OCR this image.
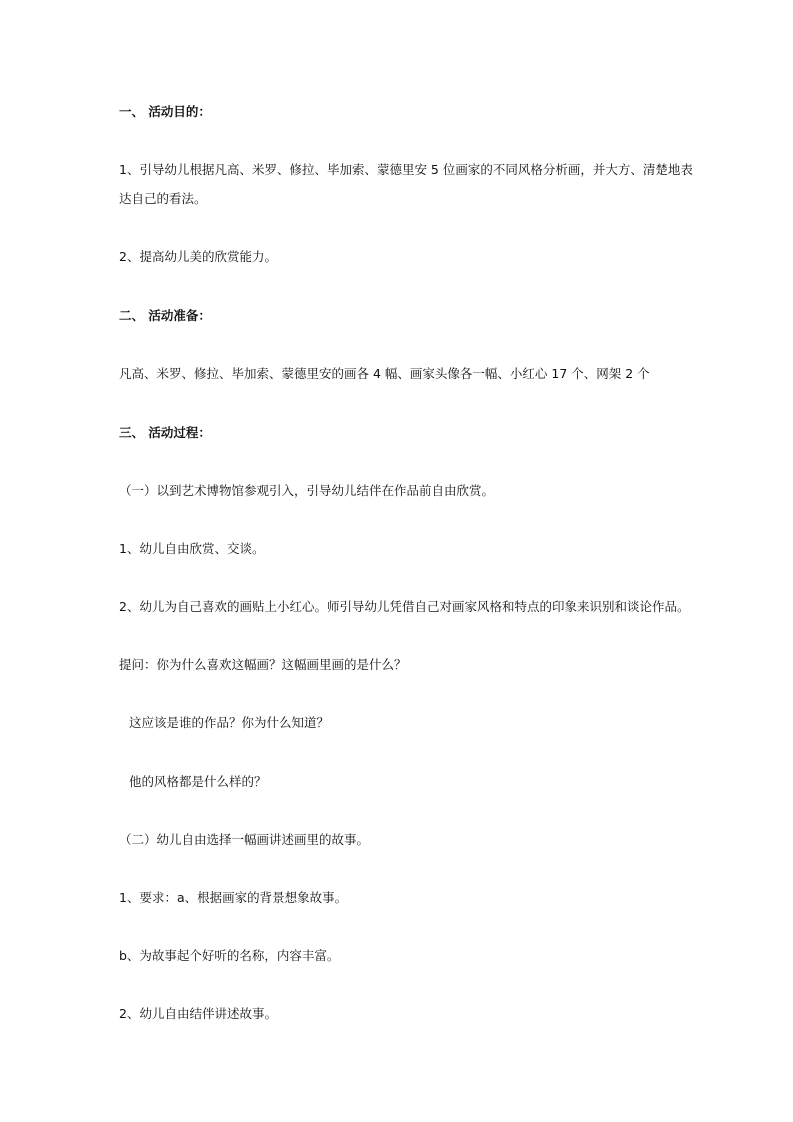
一、 活动目的：
1、引导幼儿根据凡高、米罗、修拉、毕加索、蒙德里安 5 位画家的不同风格分析画，并大方、清楚地表
达自己的看法。
2、提高幼儿美的欣赏能力。
二、 活动准备：
凡高、米罗、修拉、毕加索、蒙德里安的画各 4 幅、画家头像各一幅、小红心 17 个、网架 2 个
三、 活动过程：
（一）以到艺术博物馆参观引入，引导幼儿结伴在作品前自由欣赏。
1、幼儿自由欣赏、交谈。
2、幼儿为自己喜欢的画贴上小红心。师引导幼儿凭借自己对画家风格和特点的印象来识别和谈论作品。
提问：你为什么喜欢这幅画？这幅画里画的是什么？
这应该是谁的作品？你为什么知道？
他的风格都是什么样的？
（二）幼儿自由选择一幅画讲述画里的故事。
1、要求：a、根据画家的背景想象故事。
b、为故事起个好听的名称，内容丰富。
2、幼儿自由结伴讲述故事。
